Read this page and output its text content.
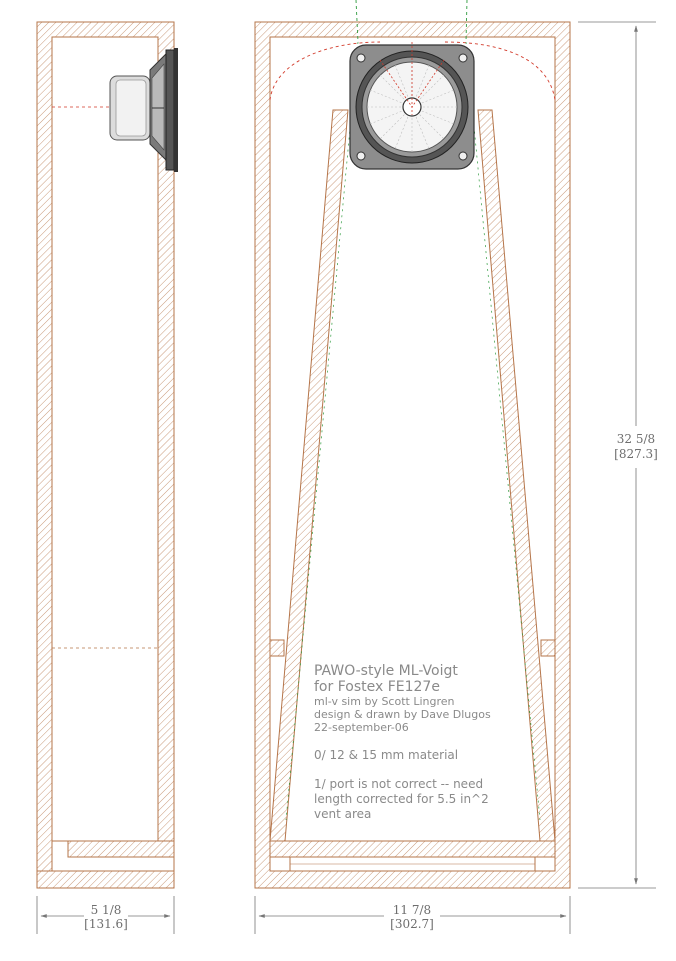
PAWO-style ML-Voigt
for Fostex FE127e
ml-v sim by Scott Lingren
design & drawn by Dave Dlugos
22-september-06
0/ 12 & 15 mm material
1/ port is not correct -- need
length corrected for 5.5 in^2
vent area
32 5/8
[827.3]
5 1/8
[131.6]
11 7/8
[302.7]
